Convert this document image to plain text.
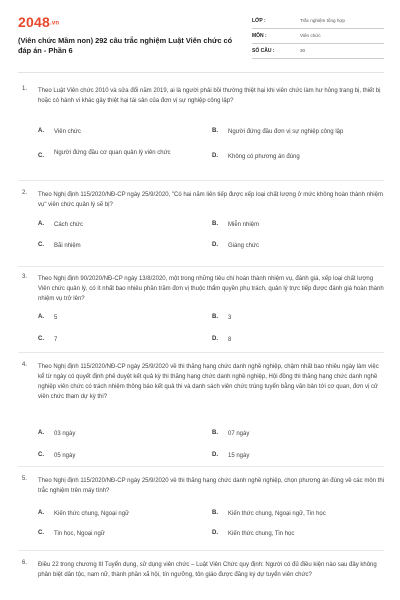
2048.vn
(Viên chức Mầm non) 292 câu trắc nghiệm Luật Viên chức có đáp án - Phần 6
LỚP :	Trắc nghiệm tổng hợp
MÔN :	Viên chức
SỐ CÂU :	30
1. Theo Luật Viên chức 2010 và sửa đổi năm 2019, ai là người phải bồi thường thiệt hại khi viên chức làm hư hỏng trang bị, thiết bị hoặc có hành vi khác gây thiệt hại tài sản của đơn vị sự nghiệp công lập?
A. Viên chức	B. Người đứng đầu đơn vị sự nghiệp công lập
C. Người đứng đầu cơ quan quản lý viên chức	D. Không có phương án đúng
2. Theo Nghị định 115/2020/NĐ-CP ngày 25/9/2020, "Có hai năm liên tiếp được xếp loại chất lượng ở mức không hoàn thành nhiệm vụ" viên chức quản lý sẽ bị?
A. Cách chức	B. Miễn nhiệm
C. Bãi nhiệm	D. Giáng chức
3. Theo Nghị định 90/2020/NĐ-CP ngày 13/8/2020, một trong những tiêu chí hoàn thành nhiệm vụ, đánh giá, xếp loại chất lượng Viên chức quản lý, có ít nhất bao nhiêu phần trăm đơn vị thuộc thẩm quyền phụ trách, quản lý trực tiếp được đánh giá hoàn thành nhiệm vụ trở lên?
A. 5	B. 3
C. 7	D. 8
4. Theo Nghị định 115/2020/NĐ-CP ngày 25/9/2020 về thi thăng hạng chức danh nghề nghiệp, chậm nhất bao nhiêu ngày làm việc kể từ ngày có quyết định phê duyệt kết quả kỳ thi thăng hạng chức danh nghề nghiệp, Hội đồng thi thăng hạng chức danh nghề nghiệp viên chức có trách nhiệm thông báo kết quả thi và danh sách viên chức trúng tuyển bằng văn bản tới cơ quan, đơn vị cử viên chức tham dự kỳ thi?
A. 03 ngày	B. 07 ngày
C. 05 ngày	D. 15 ngày
5. Theo Nghị định 115/2020/NĐ-CP ngày 25/9/2020 về thi thăng hạng chức danh nghề nghiệp, chọn phương án đúng về các môn thi trắc nghiệm trên máy tính?
A. Kiến thức chung, Ngoại ngữ	B. Kiến thức chung, Ngoại ngữ, Tin học
C. Tin học, Ngoại ngữ	D. Kiến thức chung, Tin học
6. Điều 22 trong chương III Tuyển dụng, sử dụng viên chức – Luật Viên Chức quy định: Người có đủ điều kiện nào sau đây không phân biệt dân tộc, nam nữ, thành phần xã hội, tín ngưỡng, tôn giáo được đăng ký dự tuyển viên chức?
